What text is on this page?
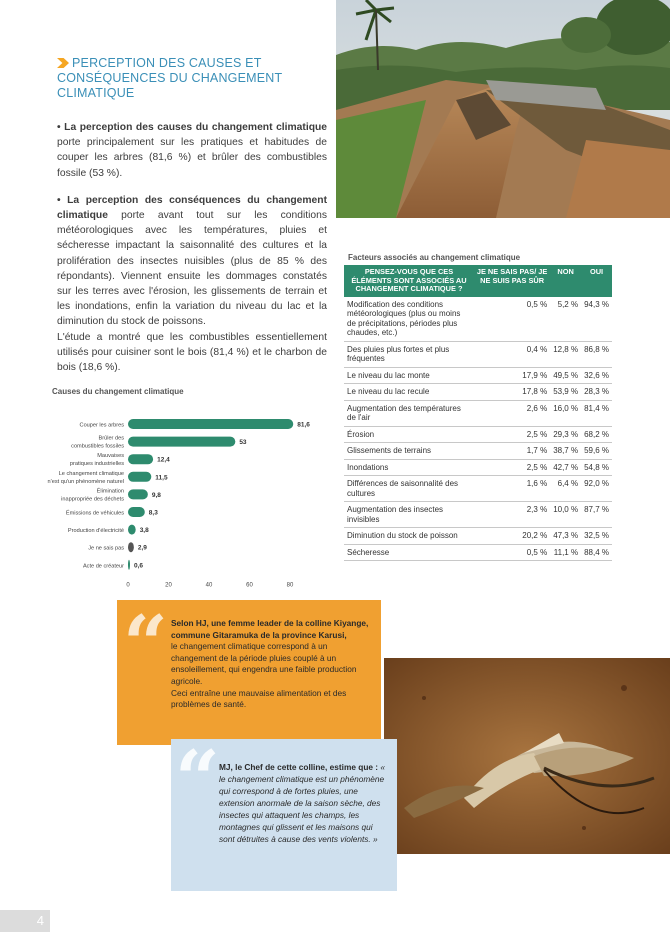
PERCEPTION DES CAUSES ET
CONSÉQUENCES DU CHANGEMENT
CLIMATIQUE

• La perception des causes du changement climatique porte principalement sur les pratiques et habitudes de couper les arbres (81,6 %) et brûler des combustibles fossile (53 %).

• La perception des conséquences du changement climatique porte avant tout sur les conditions météorologiques avec les températures, pluies et sécheresse impactant la saisonnalité des cultures et la prolifération des insectes nuisibles (plus de 85 % des répondants). Viennent ensuite les dommages constatés sur les terres avec l'érosion, les glissements de terrain et les inondations, enfin la variation du niveau du lac et la diminution du stock de poissons.

L'étude a montré que les combustibles essentiellement utilisés pour cuisiner sont le bois (81,4 %) et le charbon de bois (18,6 %).

Causes du changement climatique
Couper les arbres	81,6
Brûler des
combustibles fossiles
53
Mauvaises
pratiques industrielles
12,4
Le changement climatique
n'est qu'un phénomène naturel
11,5
Élimination
inappropriée des déchets
9,8
Émissions de véhicules	8,3
Production d'électricité 3,8
Je ne sais pas 2,9
Acte de créateur 0,6
0	20	40	60	80
Facteurs associés au changement climatique
PENSEZ-VOUS QUE CES ÉLÉMENTS SONT ASSOCIÉS AU CHANGEMENT CLIMATIQUE ?	JE NE SAIS PAS/ JE NE SUIS PAS SÛR	NON	OUI
Modification des conditions météorologiques (plus ou moins de précipitations, périodes plus chaudes, etc.)	0,5 %	5,2 %	94,3 %
Des pluies plus fortes et plus fréquentes	0,4 %	12,8 %	86,8 %
Le niveau du lac monte	17,9 %	49,5 %	32,6 %
Le niveau du lac recule	17,8 %	53,9 %	28,3 %
Augmentation des températures de l'air	2,6 %	16,0 %	81,4 %
Érosion	2,5 %	29,3 %	68,2 %
Glissements de terrains	1,7 %	38,7 %	59,6 %
Inondations	2,5 %	42,7 %	54,8 %
Différences de saisonnalité des cultures	1,6 %	6,4 %	92,0 %
Augmentation des insectes invisibles	2,3 %	10,0 %	87,7 %
Diminution du stock de poisson	20,2 %	47,3 %	32,5 %
Sécheresse	0,5 %	11,1 %	88,4 %
“ Selon HJ, une femme leader de la colline Kiyange, commune Gitaramuka de la province Karusi,
le changement climatique correspond à un changement de la période pluies couplé à un ensoleillement, qui engendra une faible production agricole.
Ceci entraîne une mauvaise alimentation et des problèmes de santé.
“ MJ, le Chef de cette colline, estime que : « le changement climatique est un phénomène qui correspond à de fortes pluies, une extension anormale de la saison sèche, des insectes qui attaquent les champs, les montagnes qui glissent et les maisons qui sont détruites à cause des vents violents. »
4
